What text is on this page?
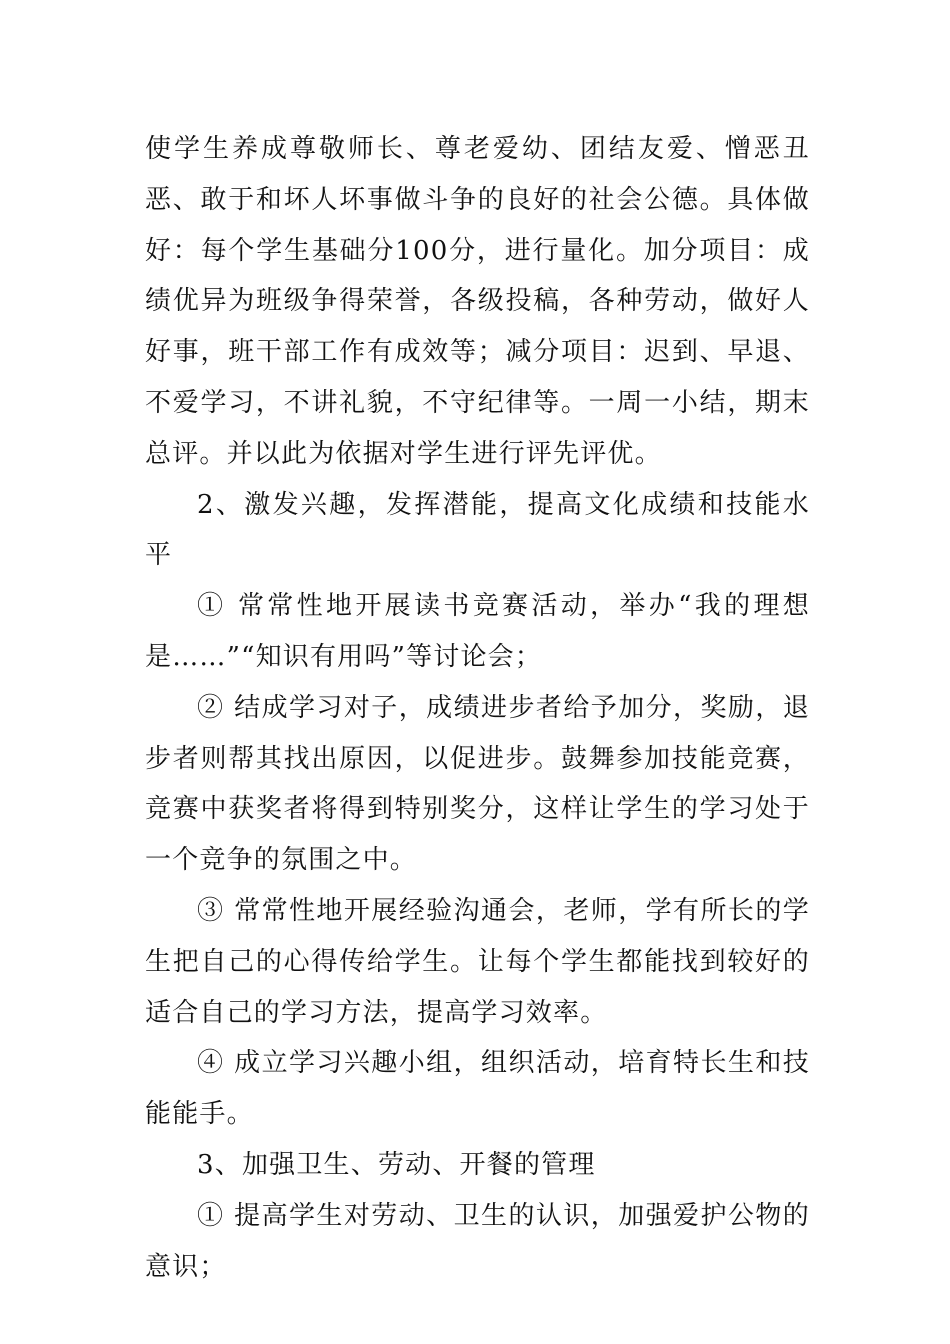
使学生养成尊敬师长、尊老爱幼、团结友爱、憎恶丑恶、敢于和坏人坏事做斗争的良好的社会公德。具体做好：每个学生基础分100分，进行量化。加分项目：成绩优异为班级争得荣誉，各级投稿，各种劳动，做好人好事，班干部工作有成效等；减分项目：迟到、早退、不爱学习，不讲礼貌，不守纪律等。一周一小结，期末总评。并以此为依据对学生进行评先评优。

2、激发兴趣，发挥潜能，提高文化成绩和技能水平

① 常常性地开展读书竞赛活动，举办“我的理想是……”“知识有用吗”等讨论会；

② 结成学习对子，成绩进步者给予加分，奖励，退步者则帮其找出原因，以促进步。鼓舞参加技能竞赛，竞赛中获奖者将得到特别奖分，这样让学生的学习处于一个竞争的氛围之中。

③ 常常性地开展经验沟通会，老师，学有所长的学生把自己的心得传给学生。让每个学生都能找到较好的适合自己的学习方法，提高学习效率。

④ 成立学习兴趣小组，组织活动，培育特长生和技能能手。

3、加强卫生、劳动、开餐的管理

① 提高学生对劳动、卫生的认识，加强爱护公物的意识；
